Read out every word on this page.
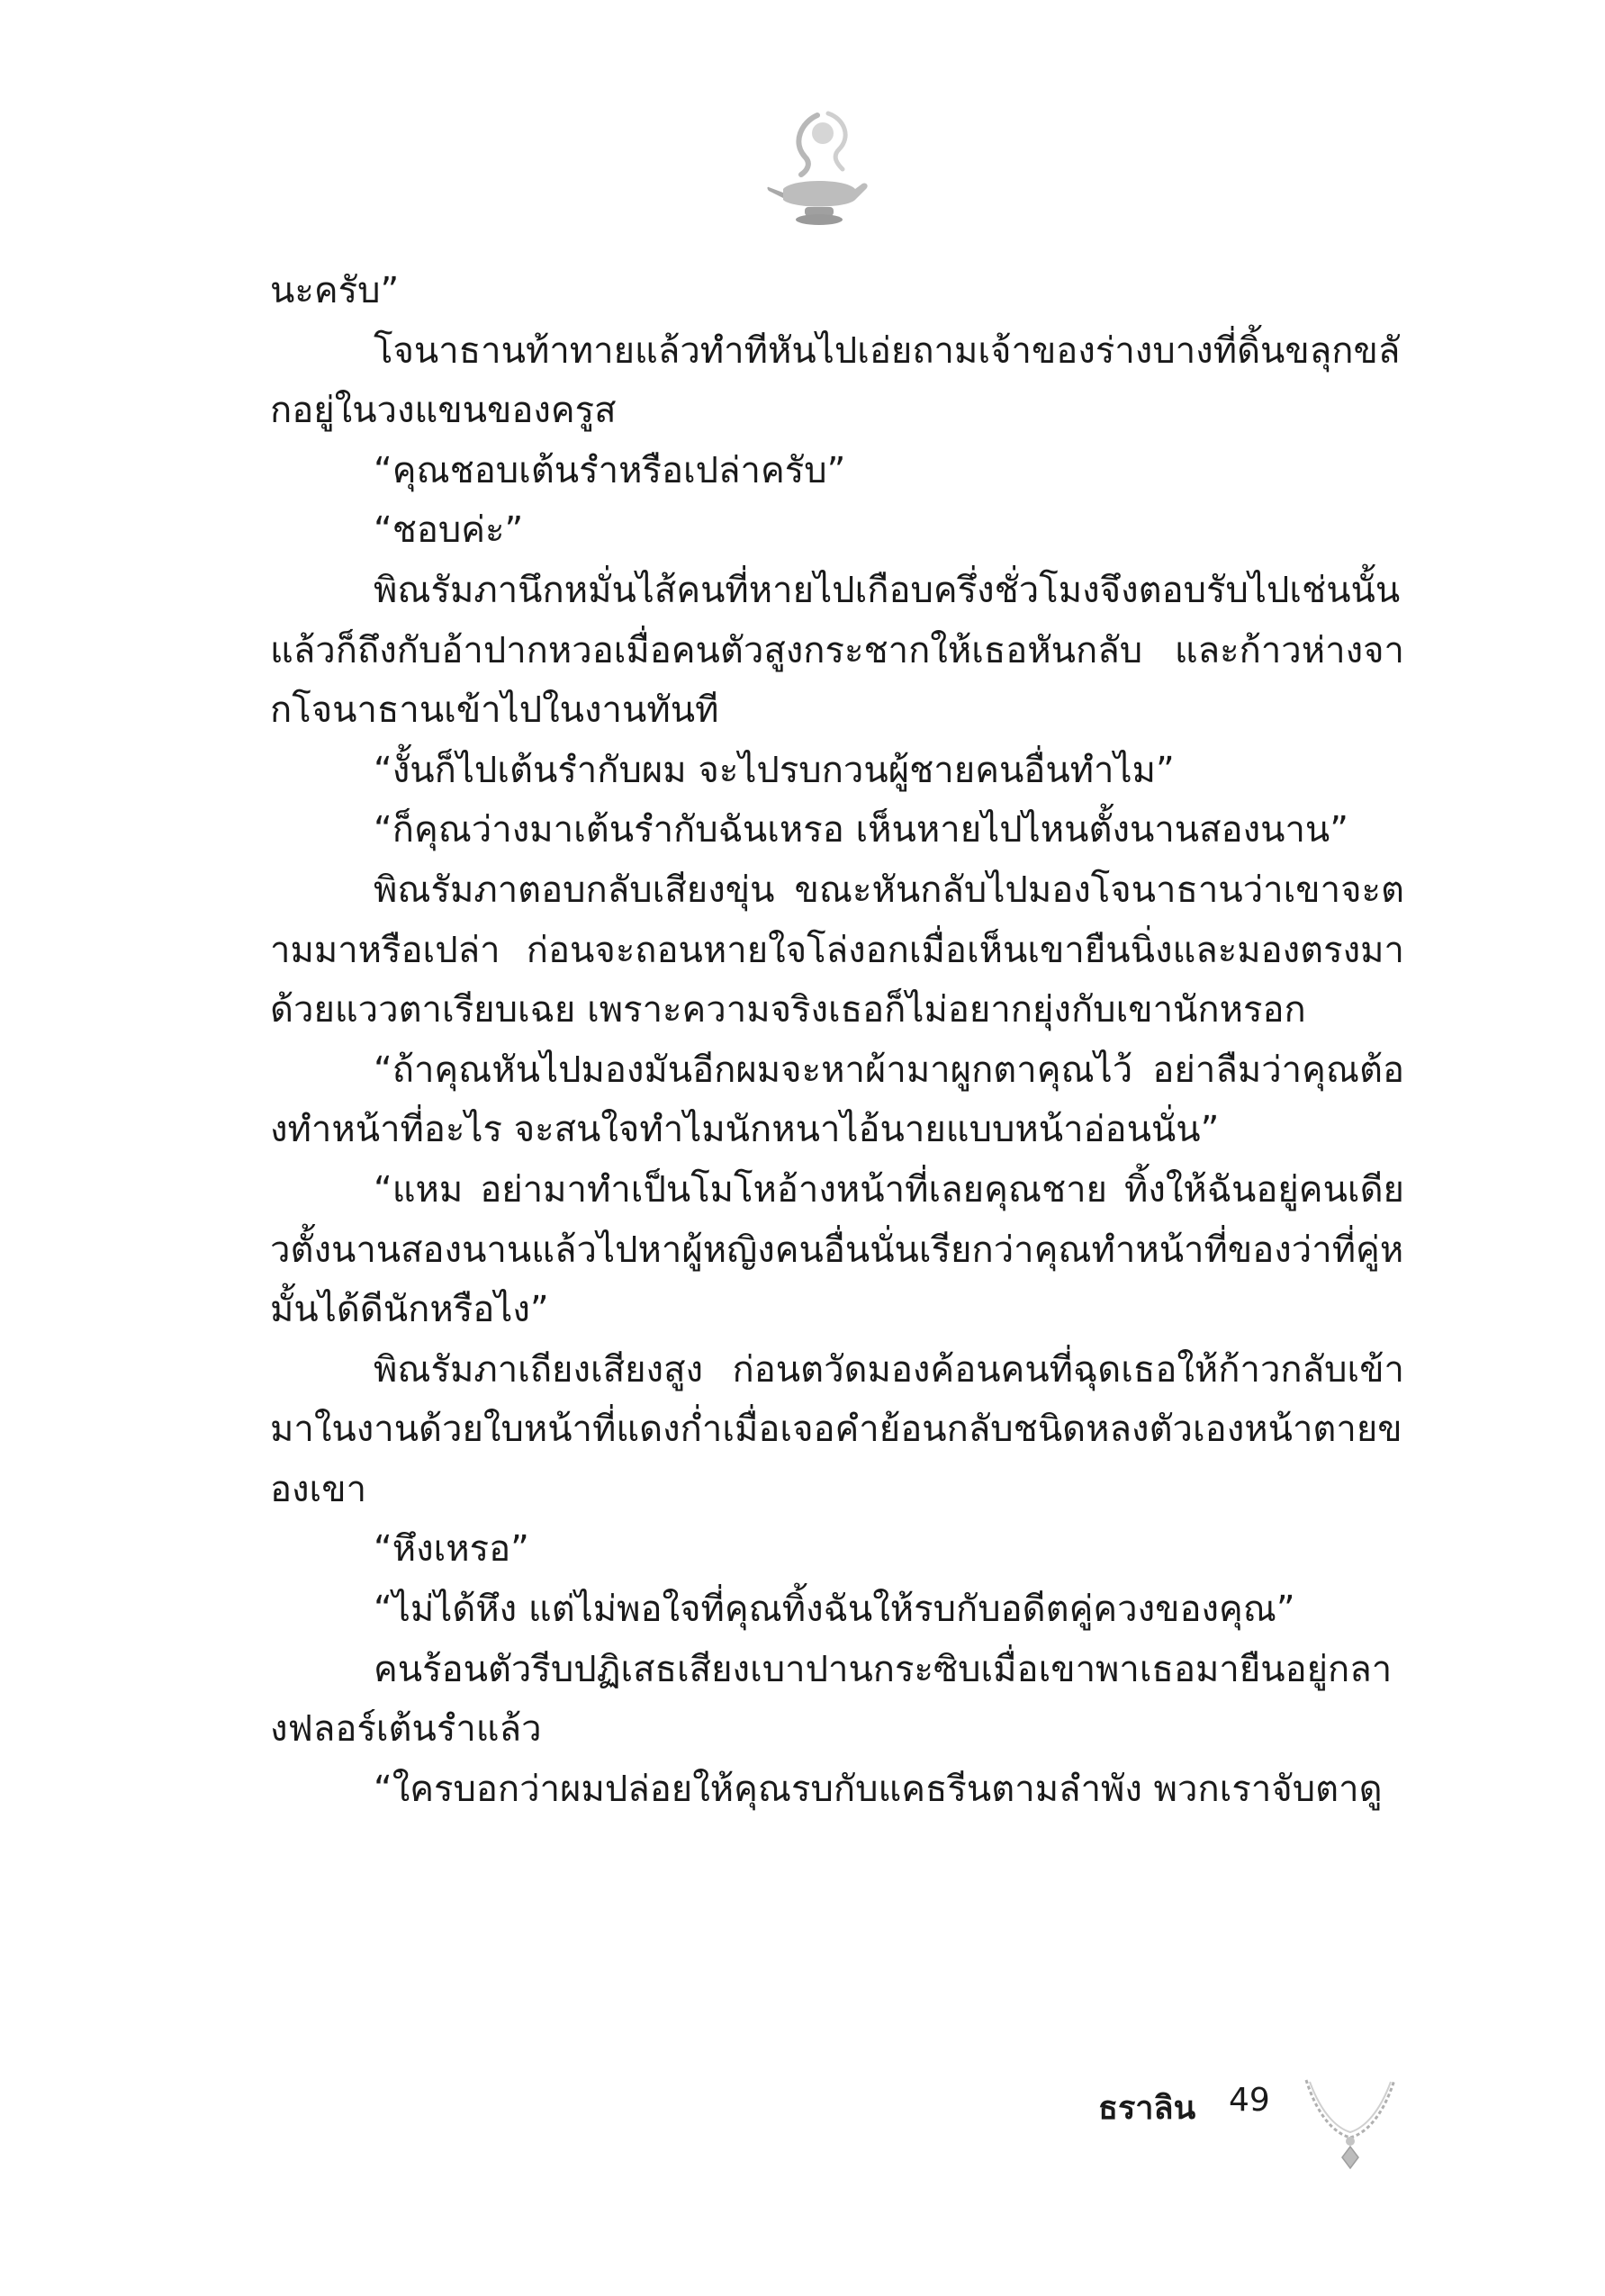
นะครับ”

โจนาธานท้าทายแล้วทำทีหันไปเอ่ยถามเจ้าของร่างบางที่ดิ้นขลุกขลักอยู่ในวงแขนของครูส

“คุณชอบเต้นรำหรือเปล่าครับ”

“ชอบค่ะ”

พิณรัมภานึกหมั่นไส้คนที่หายไปเกือบครึ่งชั่วโมงจึงตอบรับไปเช่นนั้น แล้วก็ถึงกับอ้าปากหวอเมื่อคนตัวสูงกระชากให้เธอหันกลับ และก้าวห่างจากโจนาธานเข้าไปในงานทันที

“งั้นก็ไปเต้นรำกับผม จะไปรบกวนผู้ชายคนอื่นทำไม”

“ก็คุณว่างมาเต้นรำกับฉันเหรอ เห็นหายไปไหนตั้งนานสองนาน”

พิณรัมภาตอบกลับเสียงขุ่น ขณะหันกลับไปมองโจนาธานว่าเขาจะตามมาหรือเปล่า ก่อนจะถอนหายใจโล่งอกเมื่อเห็นเขายืนนิ่งและมองตรงมาด้วยแววตาเรียบเฉย เพราะความจริงเธอก็ไม่อยากยุ่งกับเขานักหรอก

“ถ้าคุณหันไปมองมันอีกผมจะหาผ้ามาผูกตาคุณไว้ อย่าลืมว่าคุณต้องทำหน้าที่อะไร จะสนใจทำไมนักหนาไอ้นายแบบหน้าอ่อนนั่น”

“แหม อย่ามาทำเป็นโมโหอ้างหน้าที่เลยคุณชาย ทิ้งให้ฉันอยู่คนเดียวตั้งนานสองนานแล้วไปหาผู้หญิงคนอื่นนั่นเรียกว่าคุณทำหน้าที่ของว่าที่คู่หมั้นได้ดีนักหรือไง”

พิณรัมภาเถียงเสียงสูง ก่อนตวัดมองค้อนคนที่ฉุดเธอให้ก้าวกลับเข้ามาในงานด้วยใบหน้าที่แดงก่ำเมื่อเจอคำย้อนกลับชนิดหลงตัวเองหน้าตายของเขา

“หึงเหรอ”

“ไม่ได้หึง แต่ไม่พอใจที่คุณทิ้งฉันให้รบกับอดีตคู่ควงของคุณ”

คนร้อนตัวรีบปฏิเสธเสียงเบาปานกระซิบเมื่อเขาพาเธอมายืนอยู่กลางฟลอร์เต้นรำแล้ว

“ใครบอกว่าผมปล่อยให้คุณรบกับแคธรีนตามลำพัง พวกเราจับตาดู

ธราลิน 49
